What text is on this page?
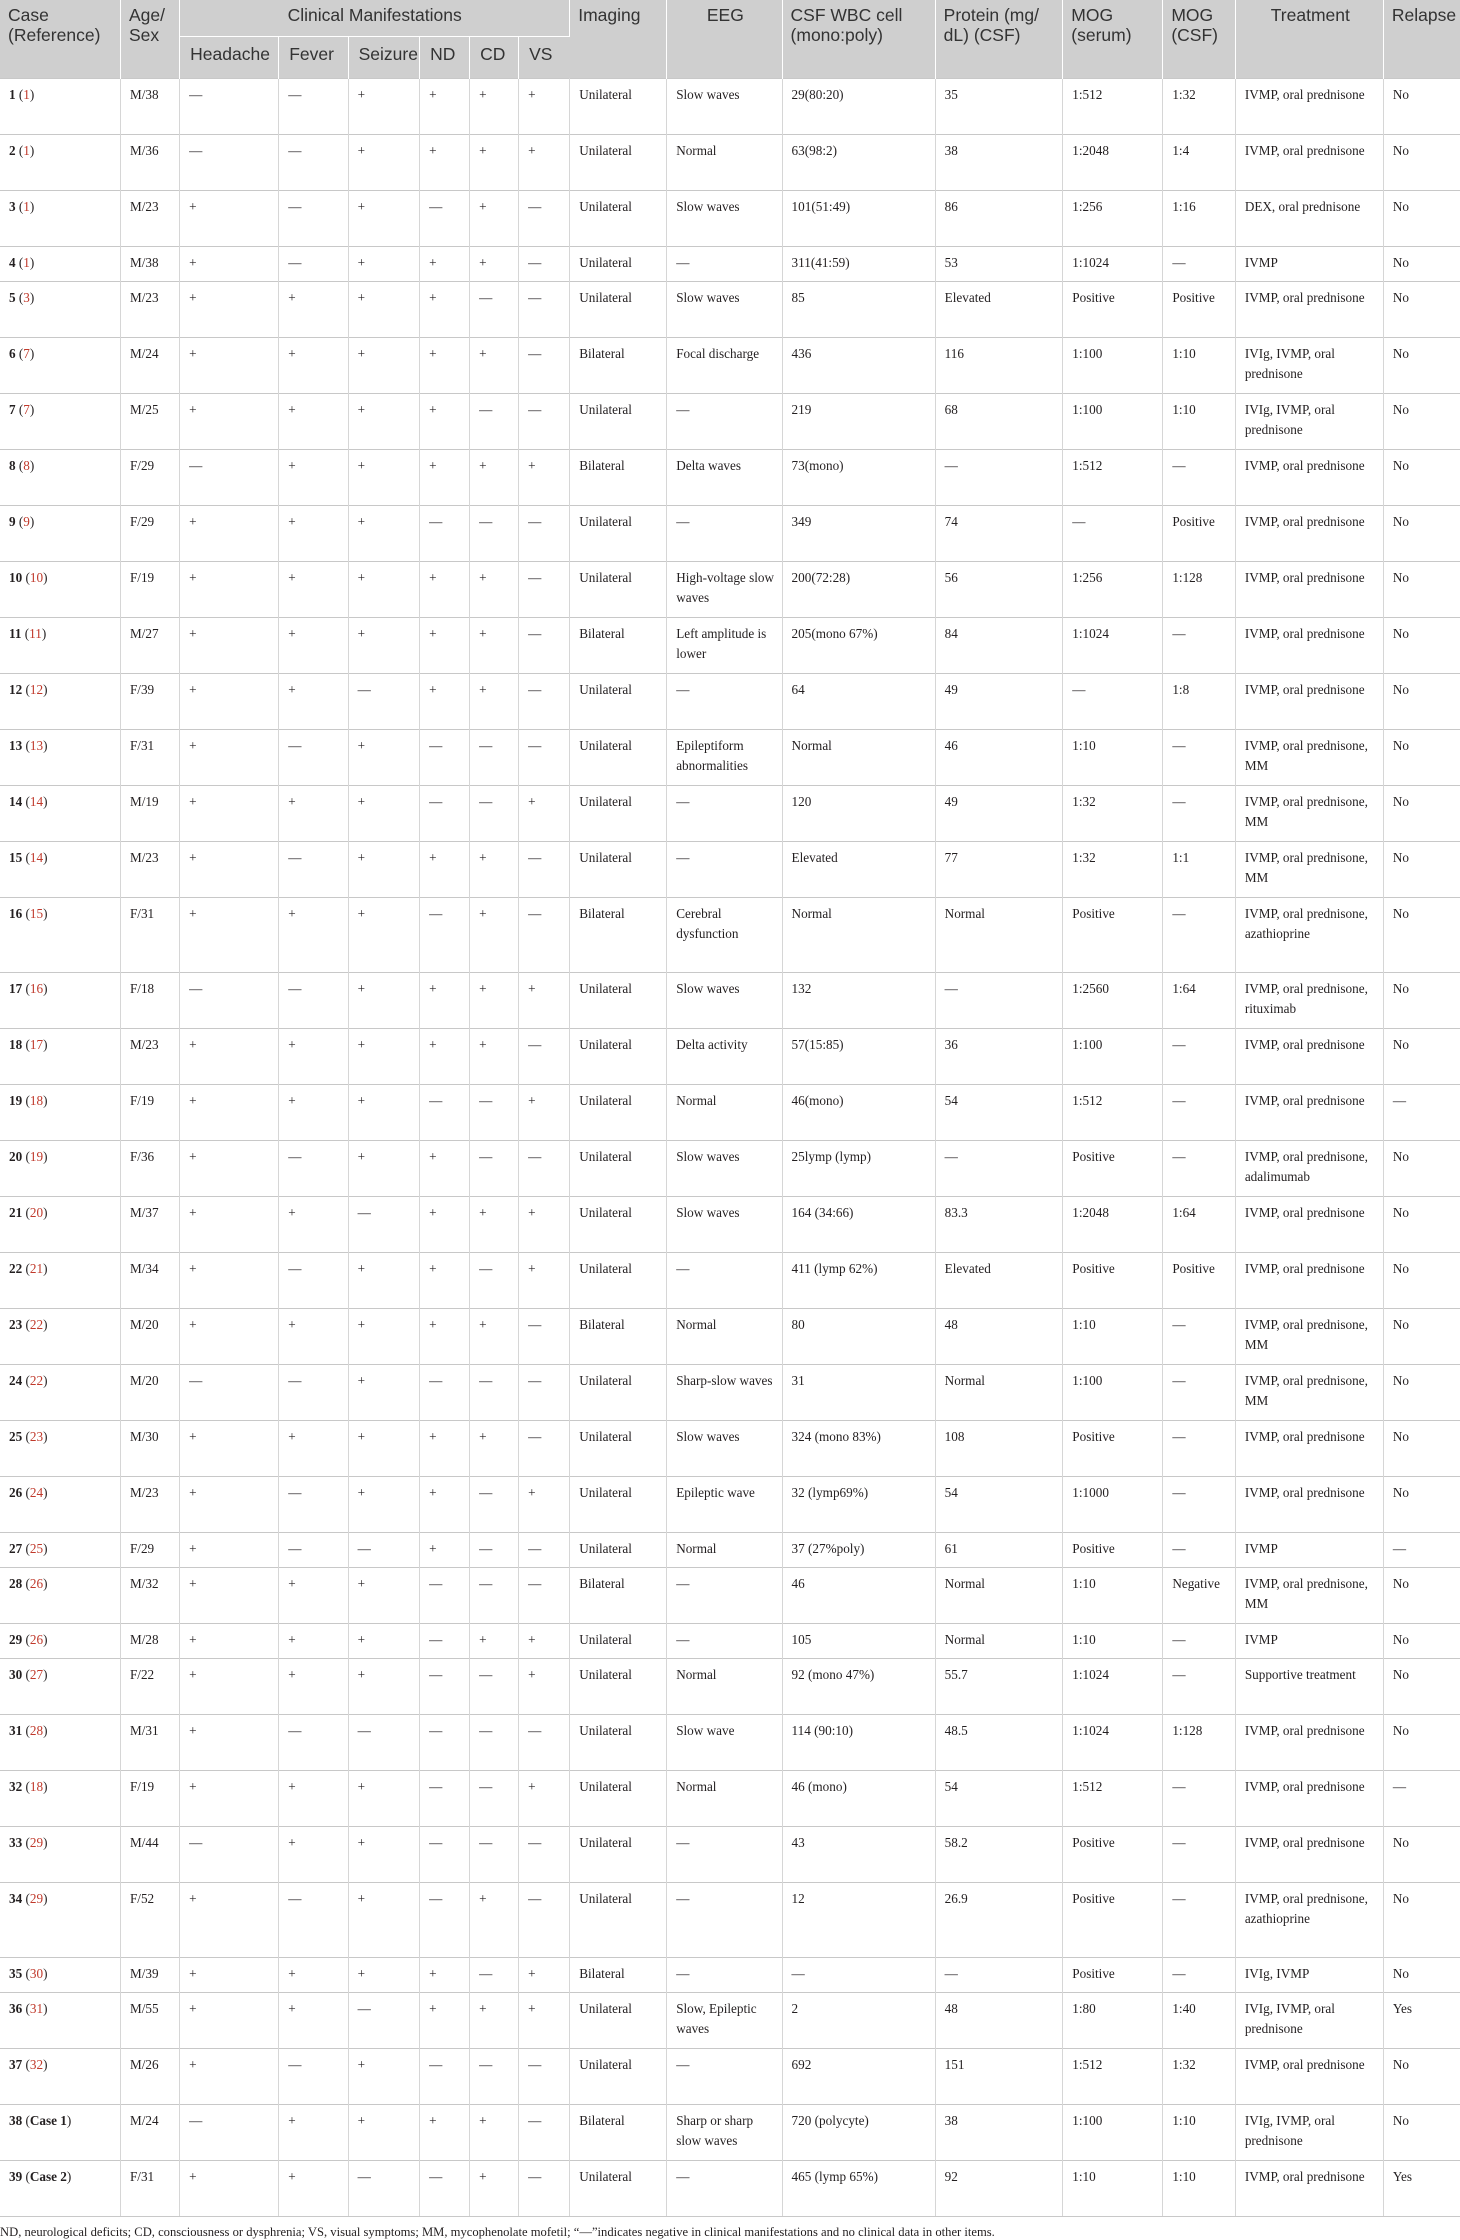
Case (Reference)	Age/ Sex	Clinical Manifestations						Imaging	EEG	CSF WBC cell (mono:poly)	Protein (mg/ dL) (CSF)	MOG (serum)	MOG (CSF)	Treatment	Relapse
		Headache	Fever	Seizure	ND	CD	VS								
1 (1)	M/38	—	—	+	+	+	+	Unilateral	Slow waves	29(80:20)	35	1:512	1:32	IVMP, oral prednisone	No
2 (1)	M/36	—	—	+	+	+	+	Unilateral	Normal	63(98:2)	38	1:2048	1:4	IVMP, oral prednisone	No
3 (1)	M/23	+	—	+	—	+	—	Unilateral	Slow waves	101(51:49)	86	1:256	1:16	DEX, oral prednisone	No
4 (1)	M/38	+	—	+	+	+	—	Unilateral	—	311(41:59)	53	1:1024	—	IVMP	No
5 (3)	M/23	+	+	+	+	—	—	Unilateral	Slow waves	85	Elevated	Positive	Positive	IVMP, oral prednisone	No
6 (7)	M/24	+	+	+	+	+	—	Bilateral	Focal discharge	436	116	1:100	1:10	IVIg, IVMP, oral prednisone	No
7 (7)	M/25	+	+	+	+	—	—	Unilateral	—	219	68	1:100	1:10	IVIg, IVMP, oral prednisone	No
8 (8)	F/29	—	+	+	+	+	+	Bilateral	Delta waves	73(mono)	—	1:512	—	IVMP, oral prednisone	No
9 (9)	F/29	+	+	+	—	—	—	Unilateral	—	349	74	—	Positive	IVMP, oral prednisone	No
10 (10)	F/19	+	+	+	+	+	—	Unilateral	High-voltage slow waves	200(72:28)	56	1:256	1:128	IVMP, oral prednisone	No
11 (11)	M/27	+	+	+	+	+	—	Bilateral	Left amplitude is lower	205(mono 67%)	84	1:1024	—	IVMP, oral prednisone	No
12 (12)	F/39	+	+	—	+	+	—	Unilateral	—	64	49	—	1:8	IVMP, oral prednisone	No
13 (13)	F/31	+	—	+	—	—	—	Unilateral	Epileptiform abnormalities	Normal	46	1:10	—	IVMP, oral prednisone, MM	No
14 (14)	M/19	+	+	+	—	—	+	Unilateral	—	120	49	1:32	—	IVMP, oral prednisone, MM	No
15 (14)	M/23	+	—	+	+	+	—	Unilateral	—	Elevated	77	1:32	1:1	IVMP, oral prednisone, MM	No
16 (15)	F/31	+	+	+	—	+	—	Bilateral	Cerebral dysfunction	Normal	Normal	Positive	—	IVMP, oral prednisone, azathioprine	No
17 (16)	F/18	—	—	+	+	+	+	Unilateral	Slow waves	132	—	1:2560	1:64	IVMP, oral prednisone, rituximab	No
18 (17)	M/23	+	+	+	+	+	—	Unilateral	Delta activity	57(15:85)	36	1:100	—	IVMP, oral prednisone	No
19 (18)	F/19	+	+	+	—	—	+	Unilateral	Normal	46(mono)	54	1:512	—	IVMP, oral prednisone	—
20 (19)	F/36	+	—	+	+	—	—	Unilateral	Slow waves	25lymp (lymp)	—	Positive	—	IVMP, oral prednisone, adalimumab	No
21 (20)	M/37	+	+	—	+	+	+	Unilateral	Slow waves	164 (34:66)	83.3	1:2048	1:64	IVMP, oral prednisone	No
22 (21)	M/34	+	—	+	+	—	+	Unilateral	—	411 (lymp 62%)	Elevated	Positive	Positive	IVMP, oral prednisone	No
23 (22)	M/20	+	+	+	+	+	—	Bilateral	Normal	80	48	1:10	—	IVMP, oral prednisone, MM	No
24 (22)	M/20	—	—	+	—	—	—	Unilateral	Sharp-slow waves	31	Normal	1:100	—	IVMP, oral prednisone, MM	No
25 (23)	M/30	+	+	+	+	+	—	Unilateral	Slow waves	324 (mono 83%)	108	Positive	—	IVMP, oral prednisone	No
26 (24)	M/23	+	—	+	+	—	+	Unilateral	Epileptic wave	32 (lymp69%)	54	1:1000	—	IVMP, oral prednisone	No
27 (25)	F/29	+	—	—	+	—	—	Unilateral	Normal	37 (27%poly)	61	Positive	—	IVMP	—
28 (26)	M/32	+	+	+	—	—	—	Bilateral	—	46	Normal	1:10	Negative	IVMP, oral prednisone, MM	No
29 (26)	M/28	+	+	+	—	+	+	Unilateral	—	105	Normal	1:10	—	IVMP	No
30 (27)	F/22	+	+	+	—	—	+	Unilateral	Normal	92 (mono 47%)	55.7	1:1024	—	Supportive treatment	No
31 (28)	M/31	+	—	—	—	—	—	Unilateral	Slow wave	114 (90:10)	48.5	1:1024	1:128	IVMP, oral prednisone	No
32 (18)	F/19	+	+	+	—	—	+	Unilateral	Normal	46 (mono)	54	1:512	—	IVMP, oral prednisone	—
33 (29)	M/44	—	+	+	—	—	—	Unilateral	—	43	58.2	Positive	—	IVMP, oral prednisone	No
34 (29)	F/52	+	—	+	—	+	—	Unilateral	—	12	26.9	Positive	—	IVMP, oral prednisone, azathioprine	No
35 (30)	M/39	+	+	+	+	—	+	Bilateral	—	—	—	Positive	—	IVIg, IVMP	No
36 (31)	M/55	+	+	—	+	+	+	Unilateral	Slow, Epileptic waves	2	48	1:80	1:40	IVIg, IVMP, oral prednisone	Yes
37 (32)	M/26	+	—	+	—	—	—	Unilateral	—	692	151	1:512	1:32	IVMP, oral prednisone	No
38 (Case 1)	M/24	—	+	+	+	+	—	Bilateral	Sharp or sharp slow waves	720 (polycyte)	38	1:100	1:10	IVIg, IVMP, oral prednisone	No
39 (Case 2)	F/31	+	+	—	—	+	—	Unilateral	—	465 (lymp 65%)	92	1:10	1:10	IVMP, oral prednisone	Yes
ND, neurological deficits; CD, consciousness or dysphrenia; VS, visual symptoms; MM, mycophenolate mofetil; “—”indicates negative in clinical manifestations and no clinical data in other items.
